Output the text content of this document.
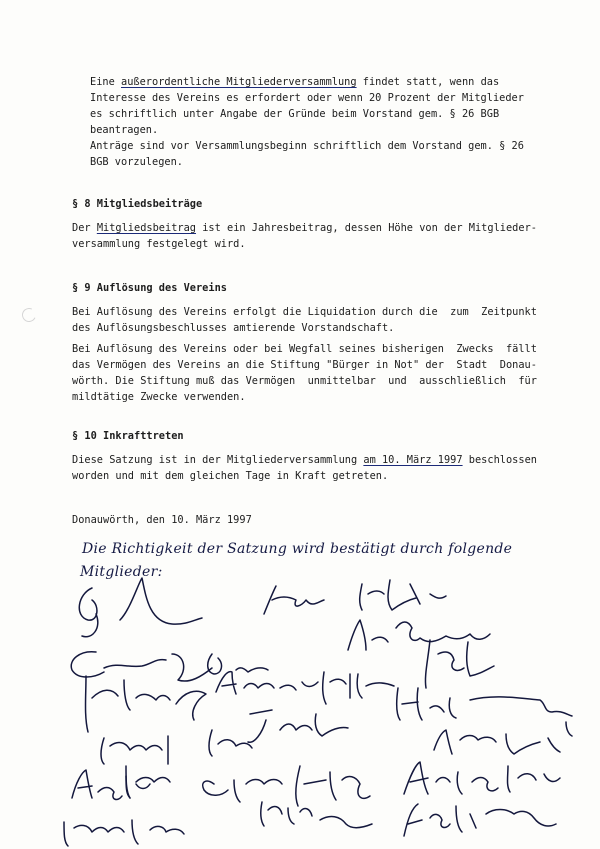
Eine außerordentliche Mitgliederversammlung findet statt, wenn das
Interesse des Vereins es erfordert oder wenn 20 Prozent der Mitglieder
es schriftlich unter Angabe der Gründe beim Vorstand gem. § 26 BGB
beantragen.

Anträge sind vor Versammlungsbeginn schriftlich dem Vorstand gem. § 26
BGB vorzulegen.

§ 8 Mitgliedsbeiträge

Der Mitgliedsbeitrag ist ein Jahresbeitrag, dessen Höhe von der Mitglieder-
versammlung festgelegt wird.

§ 9 Auflösung des Vereins

Bei Auflösung des Vereins erfolgt die Liquidation durch die  zum  Zeitpunkt
des Auflösungsbeschlusses amtierende Vorstandschaft.

Bei Auflösung des Vereins oder bei Wegfall seines bisherigen  Zwecks  fällt
das Vermögen des Vereins an die Stiftung "Bürger in Not" der  Stadt  Donau-
wörth. Die Stiftung muß das Vermögen  unmittelbar  und  ausschließlich  für
mildtätige Zwecke verwenden.

§ 10 Inkrafttreten

Diese Satzung ist in der Mitgliederversammlung am 10. März 1997 beschlossen
worden und mit dem gleichen Tage in Kraft getreten.

Donauwörth, den 10. März 1997

Die Richtigkeit der Satzung wird bestätigt durch folgende

Mitglieder:
